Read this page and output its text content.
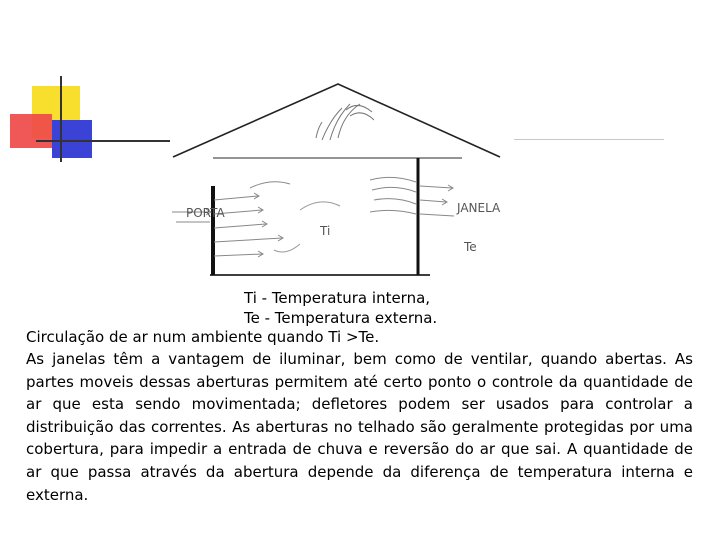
PORTA	JANELA
Ti
Te
Ti - Temperatura interna,
Te - Temperatura externa.
Circulação de ar num ambiente quando Ti >Te.

As janelas têm a vantagem de iluminar, bem como de ventilar, quando abertas. As partes moveis dessas aberturas permitem até certo ponto o controle da quantidade de ar que esta sendo movimentada; defletores podem ser usados para controlar a distribuição das correntes. As aberturas no telhado são geralmente protegidas por uma cobertura, para impedir a entrada de chuva e reversão do ar que sai. A quantidade de ar que passa através da abertura depende da diferença de temperatura interna e externa.
